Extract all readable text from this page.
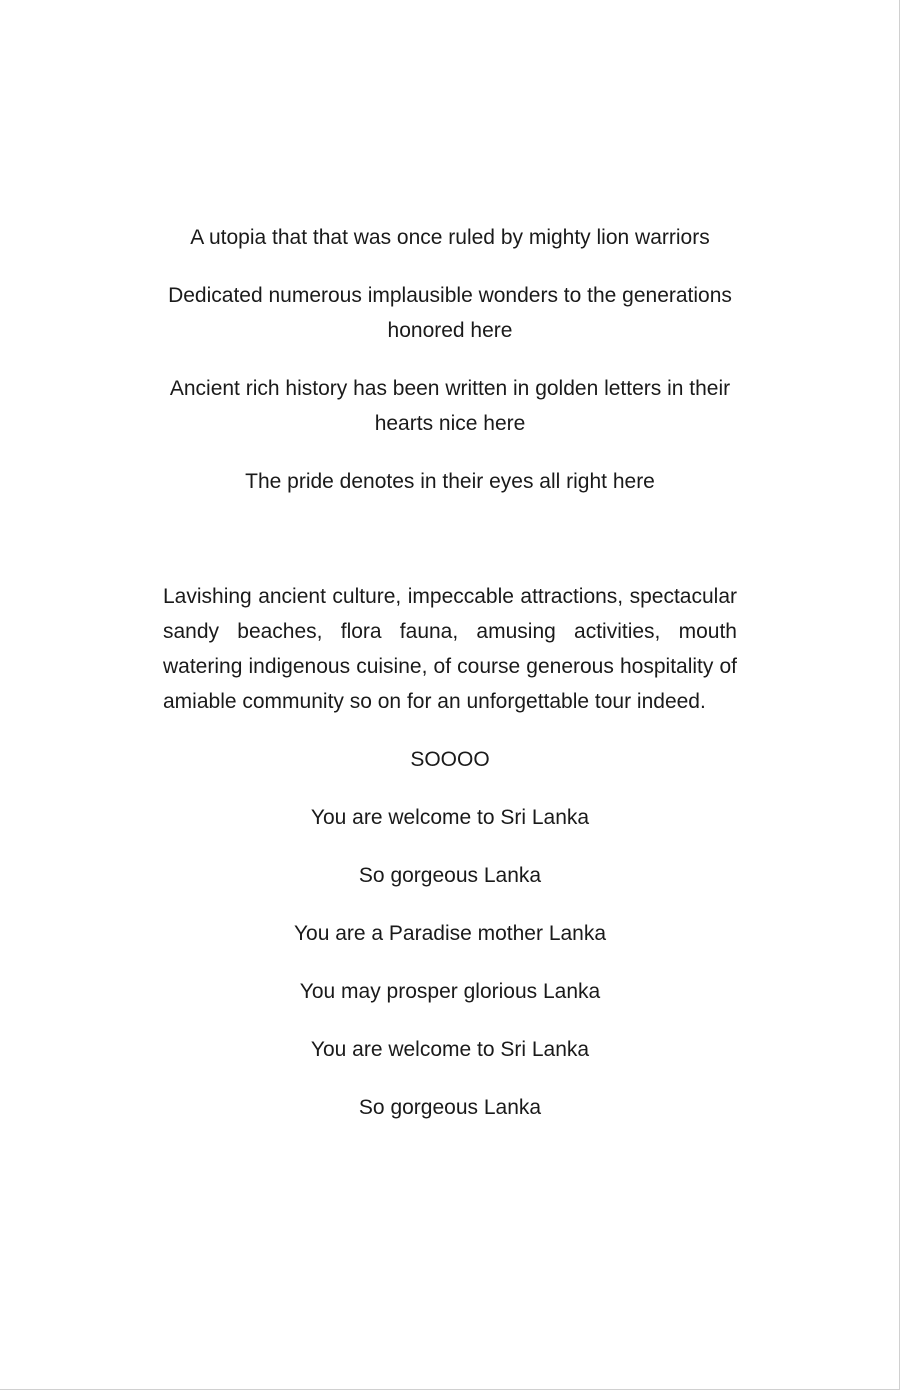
A utopia that that was once ruled by mighty lion warriors

Dedicated numerous implausible wonders to the generations honored here

Ancient rich history has been written in golden letters in their hearts nice here

The pride denotes in their eyes all right here

Lavishing ancient culture, impeccable attractions, spectacular sandy beaches, flora fauna, amusing activities, mouth watering indigenous cuisine, of course generous hospitality of amiable community so on for an unforgettable tour indeed.

SOOOO

You are welcome to Sri Lanka

So gorgeous Lanka

You are a Paradise mother Lanka

You may prosper glorious Lanka

You are welcome to Sri Lanka

So gorgeous Lanka
